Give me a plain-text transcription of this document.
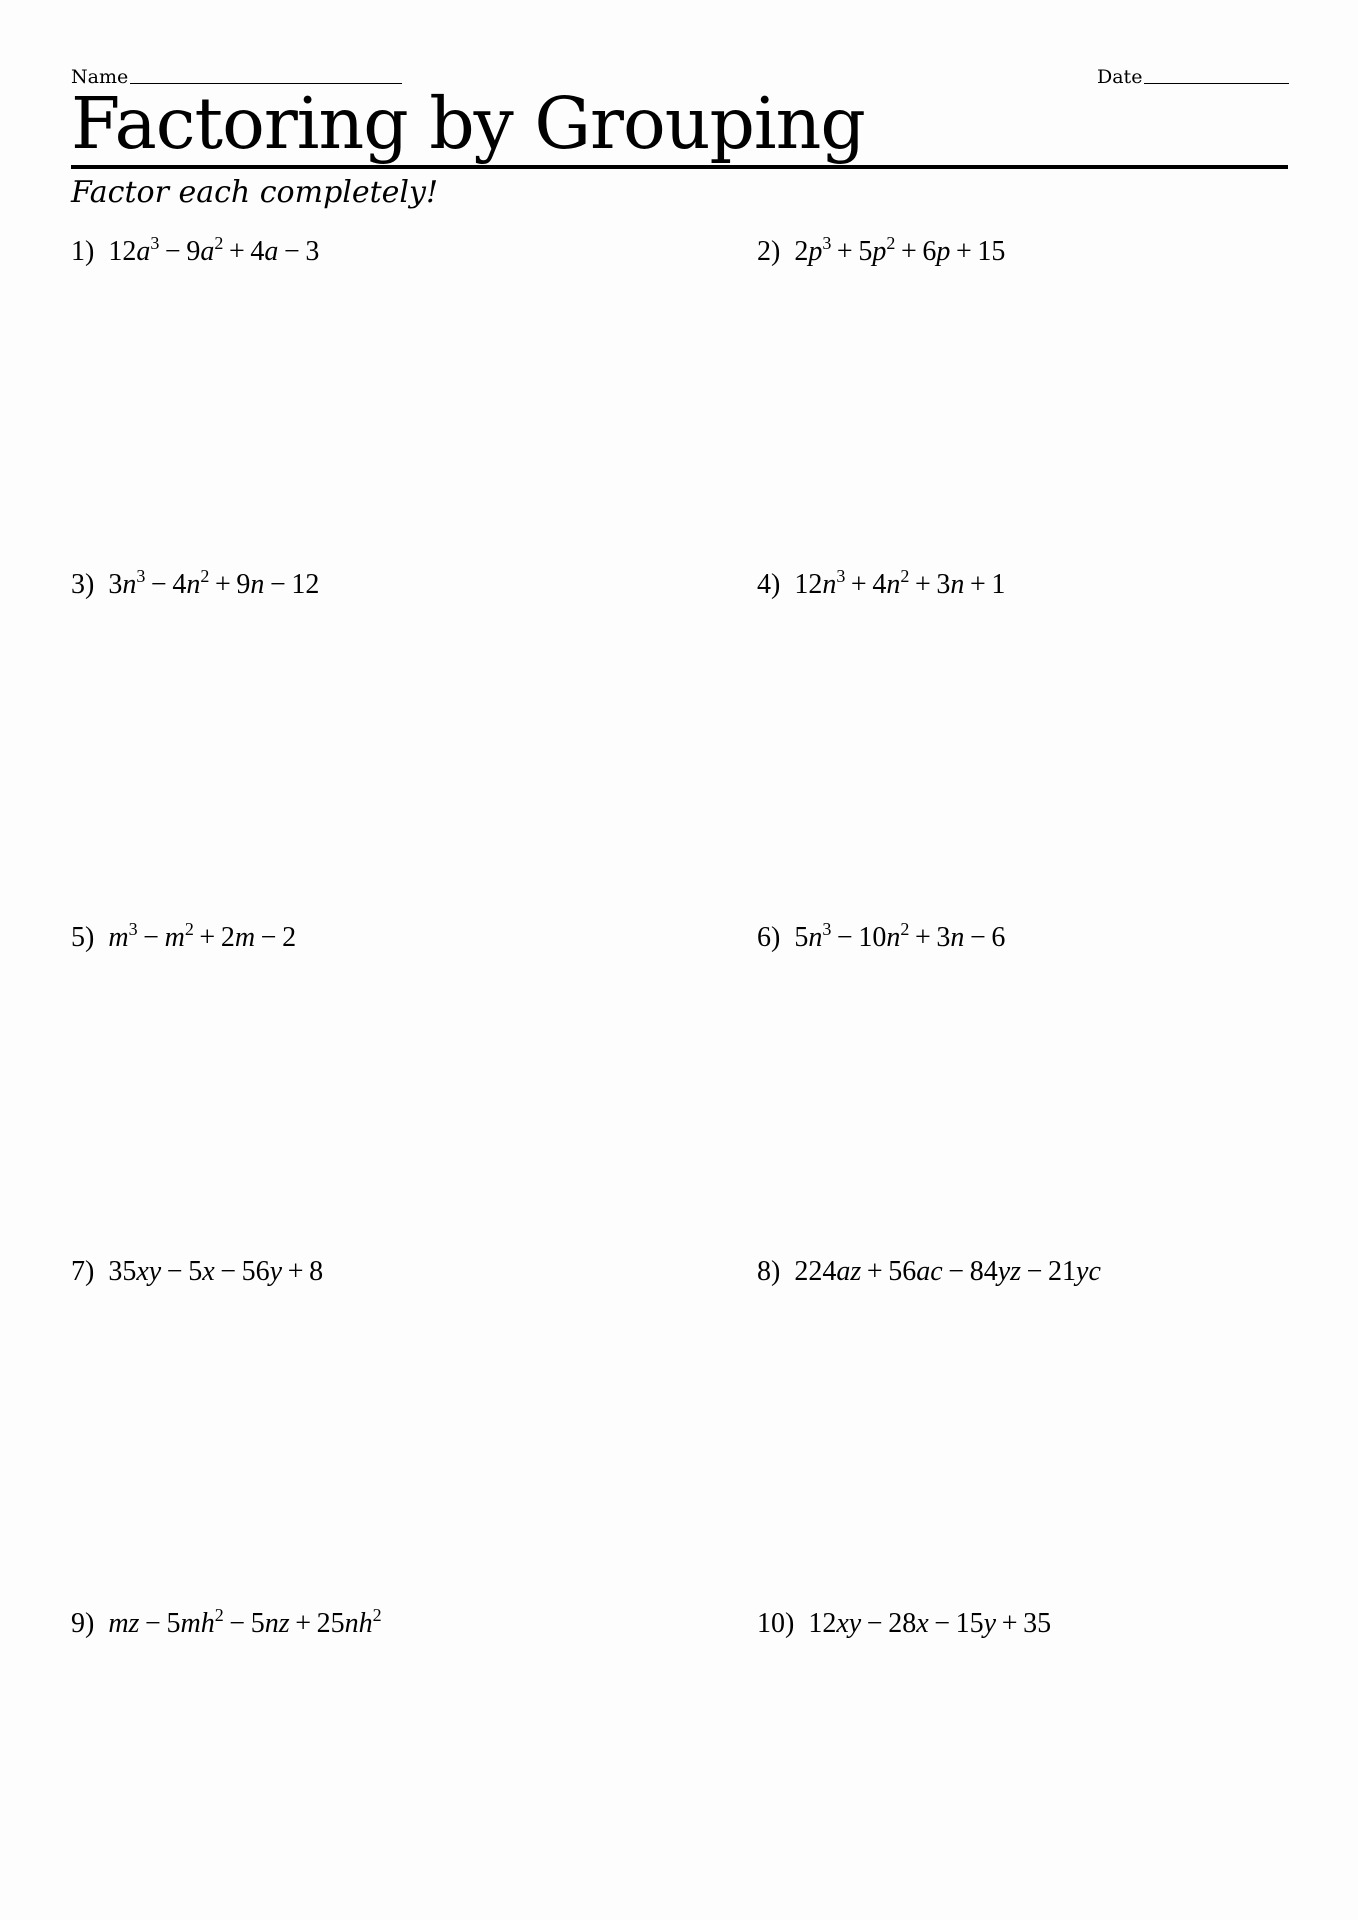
Name	Date
Factoring by Grouping
Factor each completely!
1) $12a^3 - 9a^2 + 4a - 3$	2) $2p^3 + 5p^2 + 6p + 15$
3) $3n^3 - 4n^2 + 9n - 12$	4) $12n^3 + 4n^2 + 3n + 1$
5) $m^3 - m^2 + 2m - 2$	6) $5n^3 - 10n^2 + 3n - 6$
7) 35xy − 5x − 56y + 8	8) 224az + 56ac − 84yz − 21yc
9) mz − $5mh^2 - 5nz + 25nh^2$	10) 12xy − 28x − 15y + 35
